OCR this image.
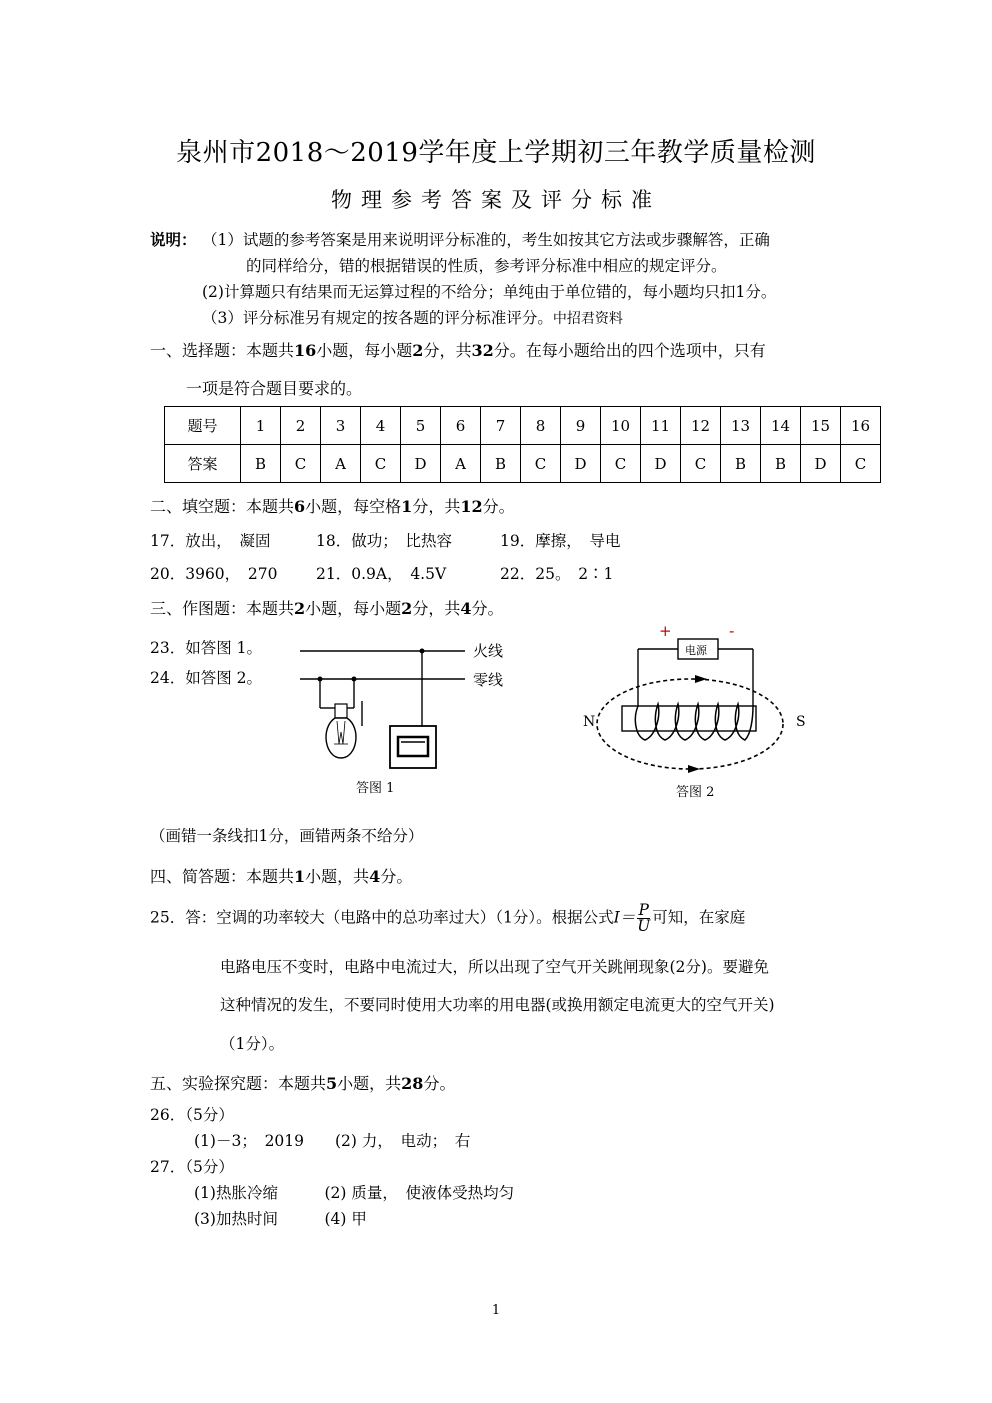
泉州市2018～2019学年度上学期初三年教学质量检测
物理参考答案及评分标准
说明： （1）试题的参考答案是用来说明评分标准的，考生如按其它方法或步骤解答，正确
的同样给分，错的根据错误的性质，参考评分标准中相应的规定评分。
(2)计算题只有结果而无运算过程的不给分；单纯由于单位错的，每小题均只扣1分。
（3）评分标准另有规定的按各题的评分标准评分。中招君资料
一、选择题：本题共16小题，每小题2分，共32分。在每小题给出的四个选项中，只有
一项是符合题目要求的。
题号	1	2	3	4	5	6	7	8	9	10	11	12	13	14	15	16
答案	B	C	A	C	D	A	B	C	D	C	D	C	B	B	D	C
二、填空题：本题共6小题，每空格1分，共12分。
17．放出，　凝固	18．做功；　比热容	19．摩擦，　导电
20．3960，　270 21．0.9A，　4.5V	22．25。　2∶1
三、作图题：本题共2小题，每小题2分，共4分。
23．如答图 1。
24．如答图 2。
火线
零线
答图 1
+	-
电源
N	S
答图 2
（画错一条线扣1分，画错两条不给分）
四、简答题：本题共1小题，共4分。
25．答：空调的功率较大（电路中的总功率过大）（1分）。根据公式$I= \frac{P}{U}$ 可知，在家庭
电路电压不变时，电路中电流过大，所以出现了空气开关跳闸现象(2分)。要避免
这种情况的发生，不要同时使用大功率的用电器(或换用额定电流更大的空气开关)
（1分）。
五、实验探究题：本题共5小题，共28分。
26．（5分）
(1)－3；　2019　　(2) 力，　电动；　右
27．（5分）
(1)热胀冷缩　　　(2) 质量，　使液体受热均匀
(3)加热时间　　　(4) 甲
1
